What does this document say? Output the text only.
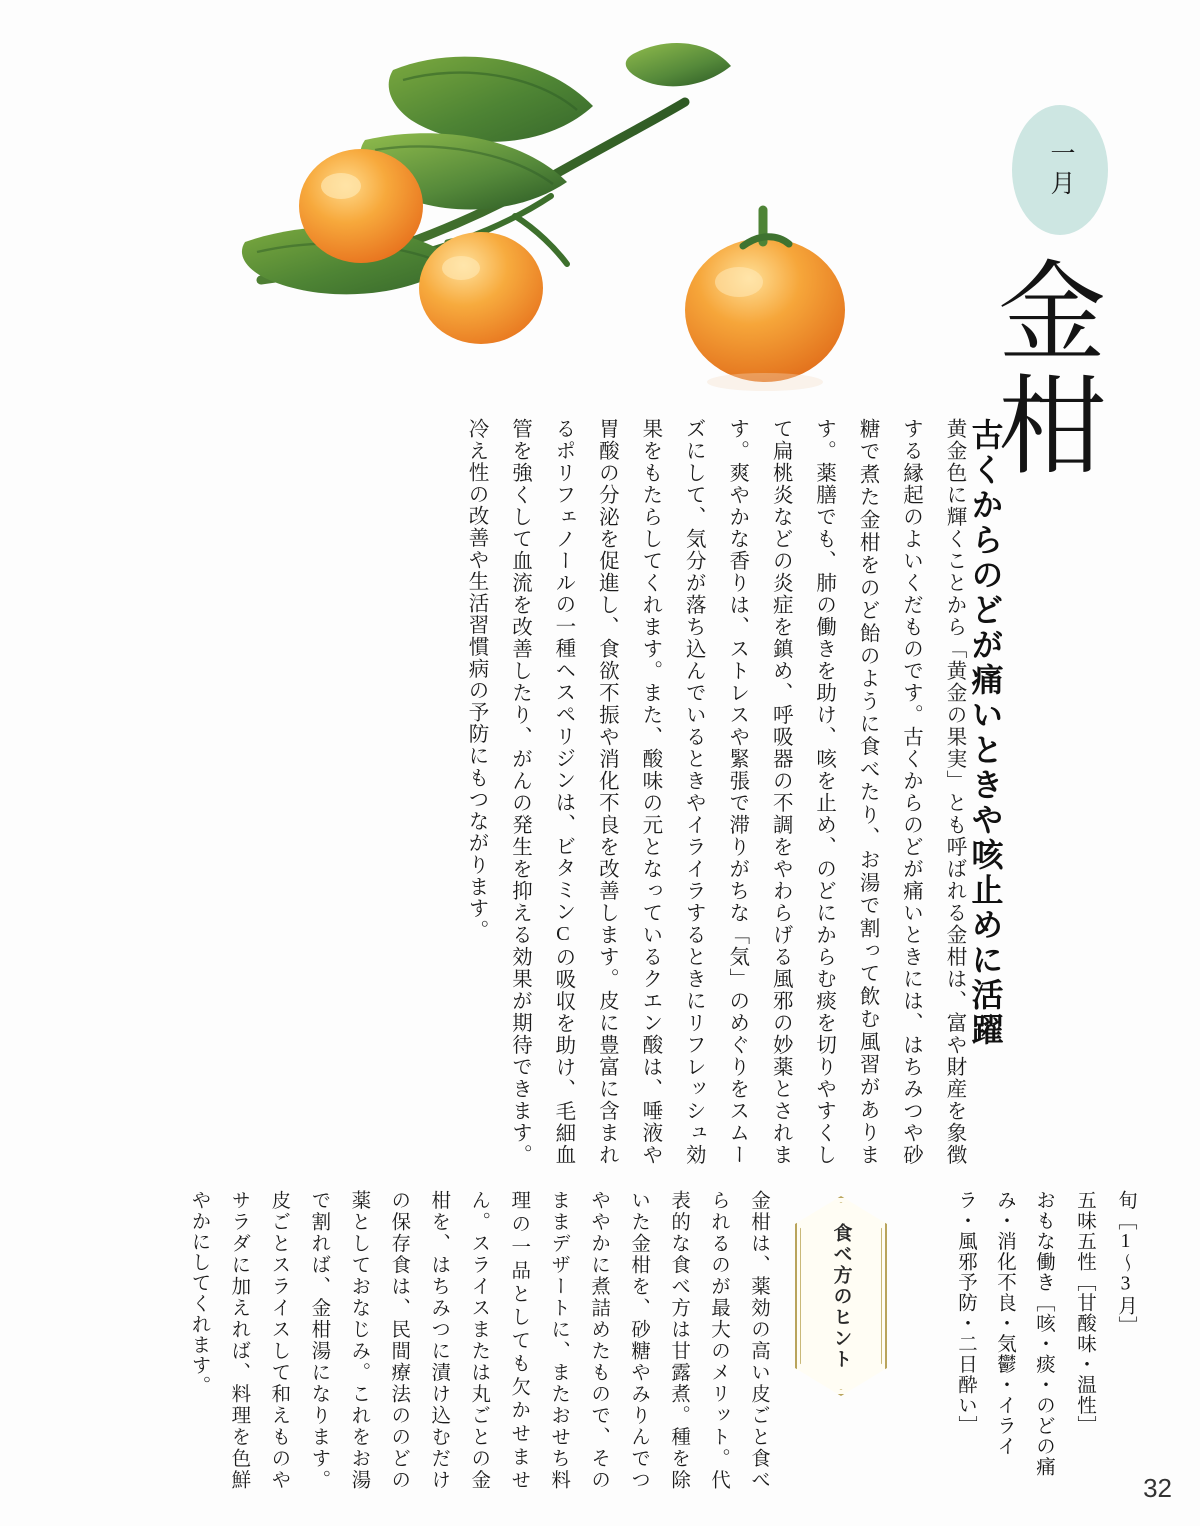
一月
金柑
古くからのどが痛いときや咳止めに活躍
黄金色に輝くことから「黄金の果実」とも呼ばれる金柑は、富や財産を象徴する縁起のよいくだものです。古くからのどが痛いときには、はちみつや砂糖で煮た金柑をのど飴のように食べたり、お湯で割って飲む風習があります。薬膳でも、肺の働きを助け、咳を止め、のどにからむ痰を切りやすくして扁桃炎などの炎症を鎮め、呼吸器の不調をやわらげる風邪の妙薬とされます。爽やかな香りは、ストレスや緊張で滞りがちな「気」のめぐりをスムーズにして、気分が落ち込んでいるときやイライラするときにリフレッシュ効果をもたらしてくれます。また、酸味の元となっているクエン酸は、唾液や胃酸の分泌を促進し、食欲不振や消化不良を改善します。皮に豊富に含まれるポリフェノールの一種ヘスペリジンは、ビタミンCの吸収を助け、毛細血管を強くして血流を改善したり、がんの発生を抑える効果が期待できます。冷え性の改善や生活習慣病の予防にもつながります。
旬［1〜3月］
五味五性［甘酸味・温性］
おもな働き［咳・痰・のどの痛み・消化不良・気鬱・イライラ・風邪予防・二日酔い］
食べ方のヒント
金柑は、薬効の高い皮ごと食べられるのが最大のメリット。代表的な食べ方は甘露煮。種を除いた金柑を、砂糖やみりんでつややかに煮詰めたもので、そのままデザートに、またおせち料理の一品としても欠かせません。スライスまたは丸ごとの金柑を、はちみつに漬け込むだけの保存食は、民間療法ののどの薬としておなじみ。これをお湯で割れば、金柑湯になります。皮ごとスライスして和えものやサラダに加えれば、料理を色鮮やかにしてくれます。
32
